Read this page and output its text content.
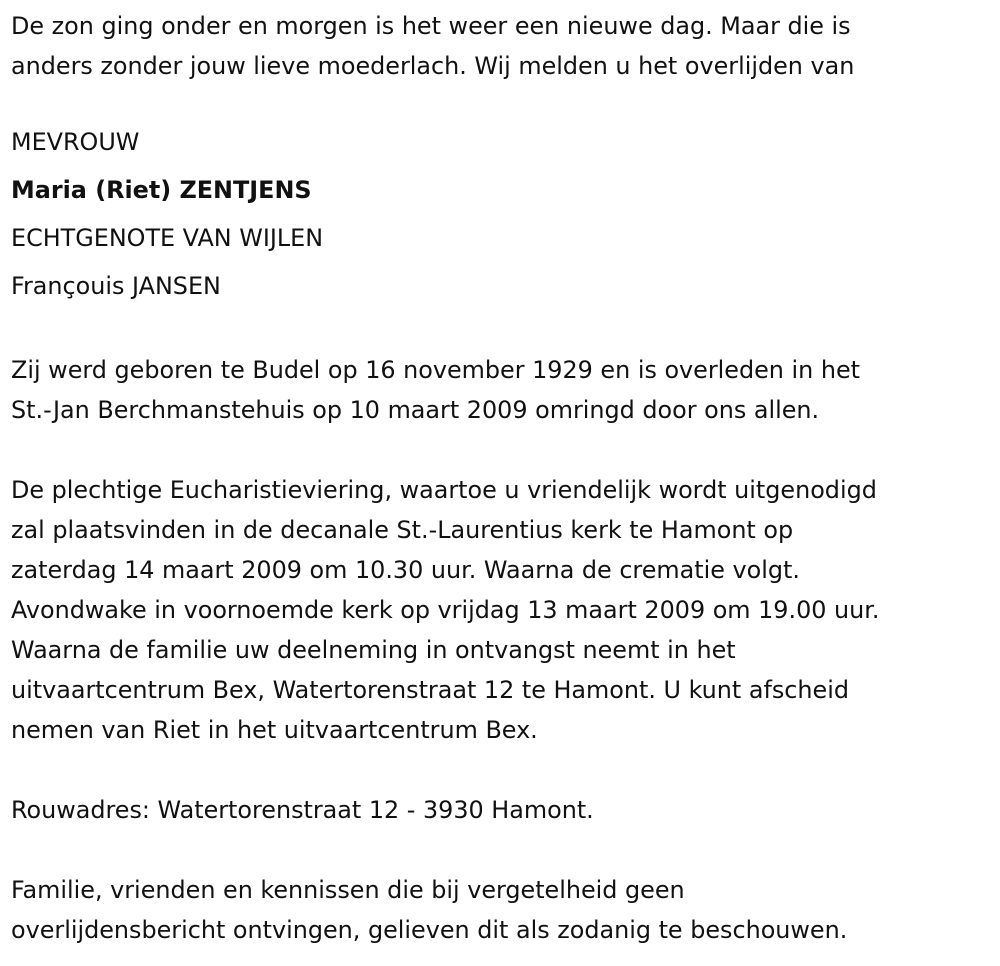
De zon ging onder en morgen is het weer een nieuwe dag. Maar die is
anders zonder jouw lieve moederlach. Wij melden u het overlijden van
MEVROUW
Maria (Riet) ZENTJENS
ECHTGENOTE VAN WIJLEN
Françouis JANSEN
Zij werd geboren te Budel op 16 november 1929 en is overleden in het
St.-Jan Berchmanstehuis op 10 maart 2009 omringd door ons allen.
De plechtige Eucharistieviering, waartoe u vriendelijk wordt uitgenodigd
zal plaatsvinden in de decanale St.-Laurentius kerk te Hamont op
zaterdag 14 maart 2009 om 10.30 uur. Waarna de crematie volgt.
Avondwake in voornoemde kerk op vrijdag 13 maart 2009 om 19.00 uur.
Waarna de familie uw deelneming in ontvangst neemt in het
uitvaartcentrum Bex, Watertorenstraat 12 te Hamont. U kunt afscheid
nemen van Riet in het uitvaartcentrum Bex.
Rouwadres: Watertorenstraat 12 - 3930 Hamont.
Familie, vrienden en kennissen die bij vergetelheid geen
overlijdensbericht ontvingen, gelieven dit als zodanig te beschouwen.
